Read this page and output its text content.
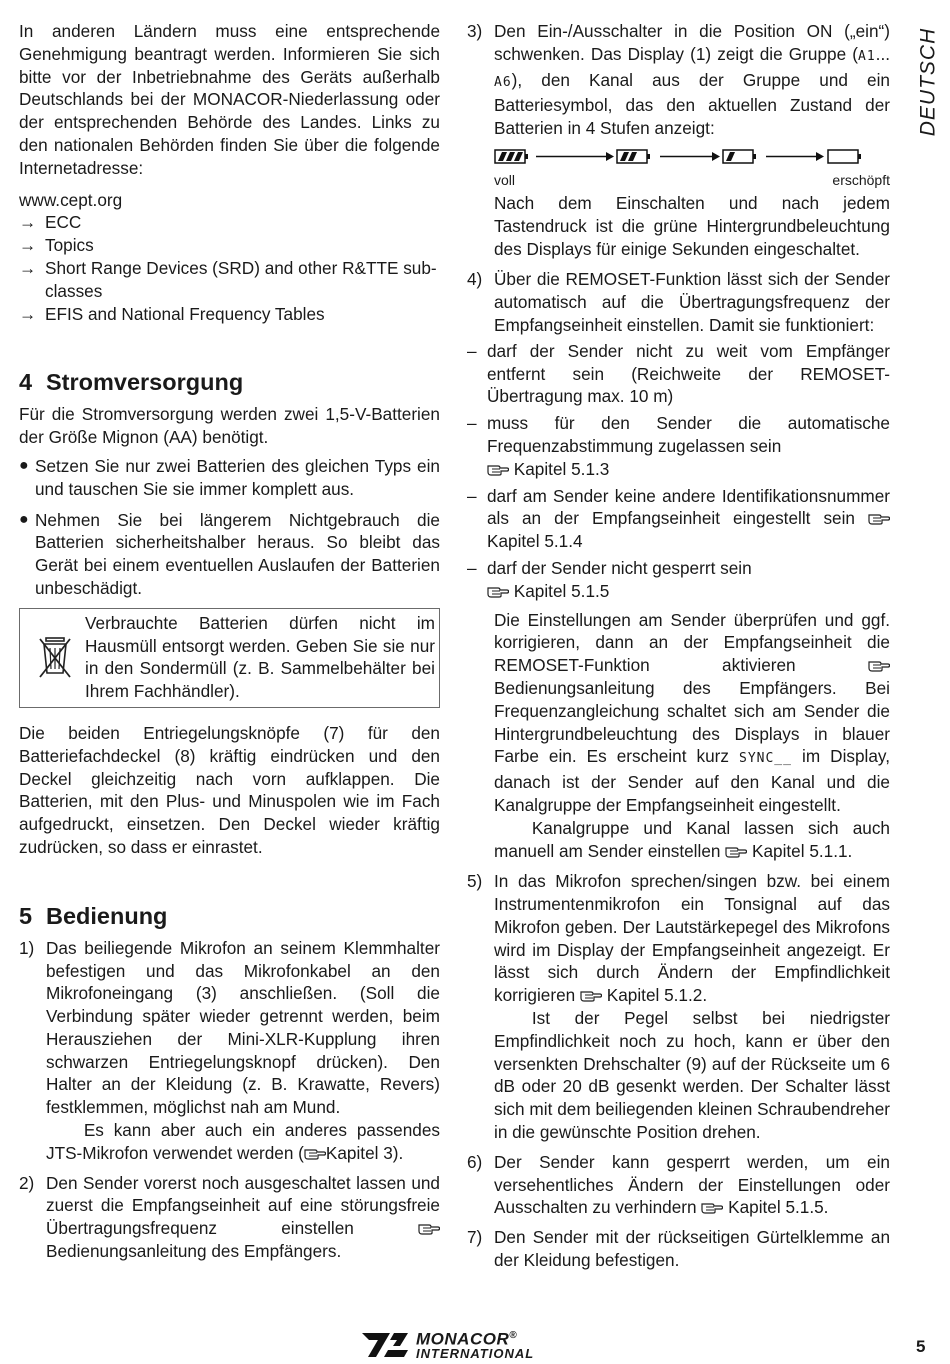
In anderen Ländern muss eine entsprechende Genehmigung beantragt werden. Informieren Sie sich bitte vor der Inbetriebnahme des Geräts außerhalb Deutschlands bei der MONACOR-Niederlassung oder der entsprechenden Behörde des Landes. Links zu den nationalen Behörden finden Sie über die folgende Internetadresse:

www.cept.org

→ ECC
→ Topics
→ Short Range Devices (SRD) and other R&TTE sub-classes
→ EFIS and National Frequency Tables
4 Stromversorgung

Für die Stromversorgung werden zwei 1,5-V-Batterien der Größe Mignon (AA) benötigt.

● Setzen Sie nur zwei Batterien des gleichen Typs ein und tauschen Sie sie immer komplett aus.
● Nehmen Sie bei längerem Nichtgebrauch die Batterien sicherheitshalber heraus. So bleibt das Gerät bei einem eventuellen Auslaufen der Batterien unbeschädigt.

Verbrauchte Batterien dürfen nicht im Hausmüll entsorgt werden. Geben Sie sie nur in den Sondermüll (z. B. Sammelbehälter bei Ihrem Fachhändler).

Die beiden Entriegelungsknöpfe (7) für den Batteriefachdeckel (8) kräftig eindrücken und den Deckel gleichzeitig nach vorn aufklappen. Die Batterien, mit den Plus- und Minuspolen wie im Fach aufgedruckt, einsetzen. Den Deckel wieder kräftig zudrücken, so dass er einrastet.

5 Bedienung
1) Das beiliegende Mikrofon an seinem Klemmhalter befestigen und das Mikrofonkabel an den Mikrofoneingang (3) anschließen. (Soll die Verbindung später wieder getrennt werden, beim Herausziehen der Mini-XLR-Kupplung ihren schwarzen Entriegelungsknopf drücken). Den Halter an der Kleidung (z. B. Krawatte, Revers) festklemmen, möglichst nah am Mund.

Es kann aber auch ein anderes passendes JTS-Mikrofon verwendet werden ( Kapitel 3).

2) Den Sender vorerst noch ausgeschaltet lassen und zuerst die Empfangseinheit auf eine störungsfreie Übertragungsfrequenz einstellen Bedienungsanleitung des Empfängers.

3) Den Ein-/Ausschalter in die Position ON („ein“) schwenken. Das Display (1) zeigt die Gruppe (A1... A6), den Kanal aus der Gruppe und ein Batteriesymbol, das den aktuellen Zustand der Batterien in 4 Stufen anzeigt:

voll	erschöpft

Nach dem Einschalten und nach jedem Tastendruck ist die grüne Hintergrundbeleuchtung des Displays für einige Sekunden eingeschaltet.

4) Über die REMOSET-Funktion lässt sich der Sender automatisch auf die Übertragungsfrequenz der Empfangseinheit einstellen. Damit sie funktioniert:

– darf der Sender nicht zu weit vom Empfänger entfernt sein (Reichweite der REMOSET-Übertragung max. 10 m)

– muss für den Sender die automatische Frequenzabstimmung zugelassen sein
Kapitel 5.1.3

– darf am Sender keine andere Identifikationsnummer als an der Empfangseinheit eingestellt sein  Kapitel 5.1.4

– darf der Sender nicht gesperrt sein
Kapitel 5.1.5

Die Einstellungen am Sender überprüfen und ggf. korrigieren, dann an der Empfangseinheit die REMOSET-Funktion aktivieren  Bedienungsanleitung des Empfängers. Bei Frequenzangleichung schaltet sich am Sender die Hintergrundbeleuchtung des Displays in blauer Farbe ein. Es erscheint kurz SYNC__ im Display, danach ist der Sender auf den Kanal und die Kanalgruppe der Empfangseinheit eingestellt.

Kanalgruppe und Kanal lassen sich auch manuell am Sender einstellen Kapitel 5.1.1.

5) In das Mikrofon sprechen/singen bzw. bei einem Instrumentenmikrofon ein Tonsignal auf das Mikrofon geben. Der Lautstärkepegel des Mikrofons wird im Display der Empfangseinheit angezeigt. Er lässt sich durch Ändern der Empfindlichkeit korrigieren Kapitel 5.1.2.

Ist der Pegel selbst bei niedrigster Empfindlichkeit noch zu hoch, kann er über den versenkten Drehschalter (9) auf der Rückseite um 6 dB oder 20 dB gesenkt werden. Der Schalter lässt sich mit dem beiliegenden kleinen Schraubendreher in die gewünschte Position drehen.

6) Der Sender kann gesperrt werden, um ein versehentliches Ändern der Einstellungen oder Ausschalten zu verhindern Kapitel 5.1.5.

7) Den Sender mit der rückseitigen Gürtelklemme an der Kleidung befestigen.

DEUTSCH
MONACOR®
INTERNATIONAL	5
